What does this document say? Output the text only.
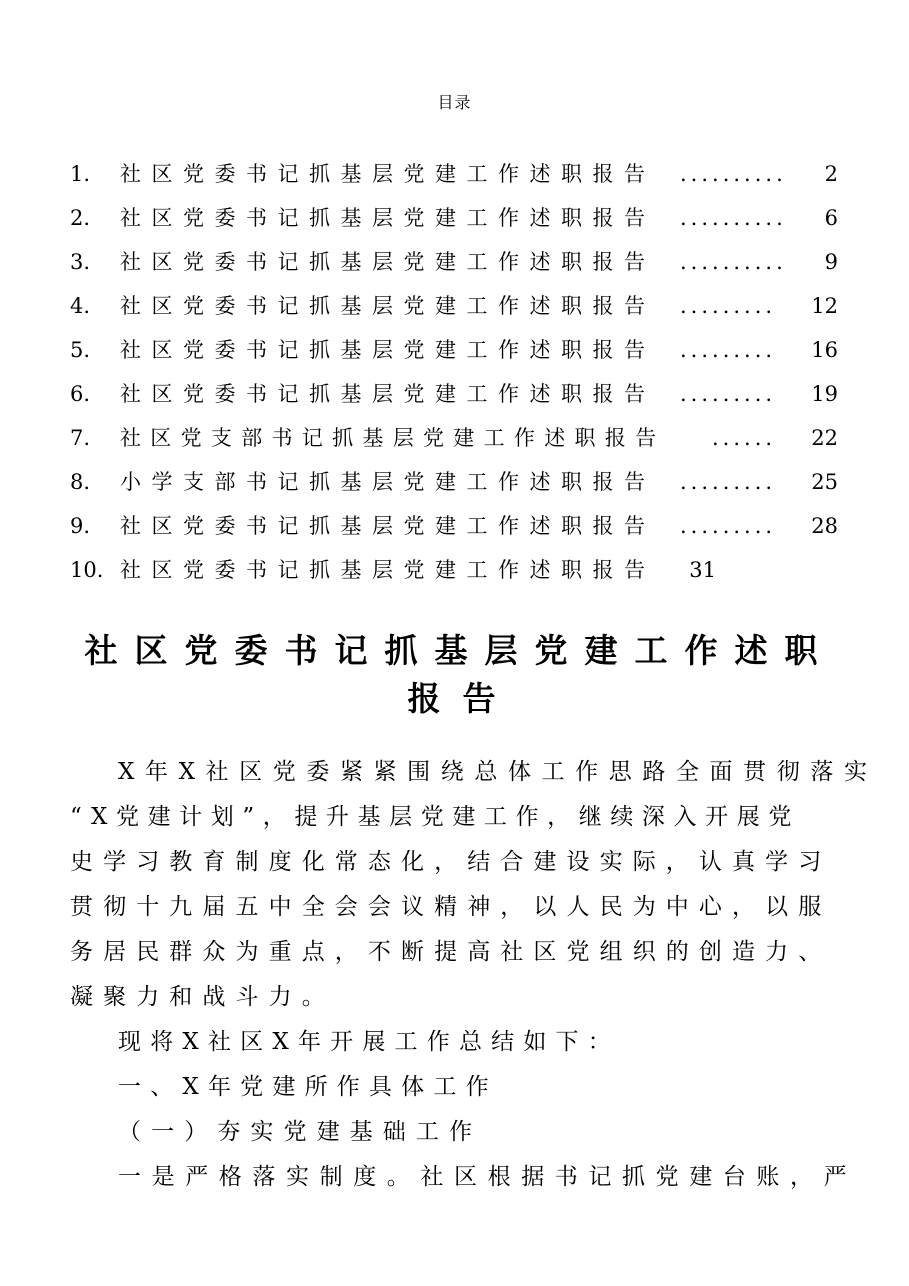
目录
1. 社区党委书记抓基层党建工作述职报告 .......... 2
2. 社区党委书记抓基层党建工作述职报告 .......... 6
3. 社区党委书记抓基层党建工作述职报告 .......... 9
4. 社区党委书记抓基层党建工作述职报告 ......... 12
5. 社区党委书记抓基层党建工作述职报告 ......... 16
6. 社区党委书记抓基层党建工作述职报告 ......... 19
7. 社区党支部书记抓基层党建工作述职报告 ...... 22
8. 小学支部书记抓基层党建工作述职报告 ......... 25
9. 社区党委书记抓基层党建工作述职报告 ......... 28
10. 社区党委书记抓基层党建工作述职报告 31
社区党委书记抓基层党建工作述职
报告
X年X社区党委紧紧围绕总体工作思路全面贯彻落实
“X党建计划”，提升基层党建工作，继续深入开展党
史学习教育制度化常态化，结合建设实际，认真学习
贯彻十九届五中全会会议精神，以人民为中心，以服
务居民群众为重点，不断提高社区党组织的创造力、
凝聚力和战斗力。
现将X社区X年开展工作总结如下：
一、X年党建所作具体工作
（一）夯实党建基础工作
一是严格落实制度。社区根据书记抓党建台账，严
